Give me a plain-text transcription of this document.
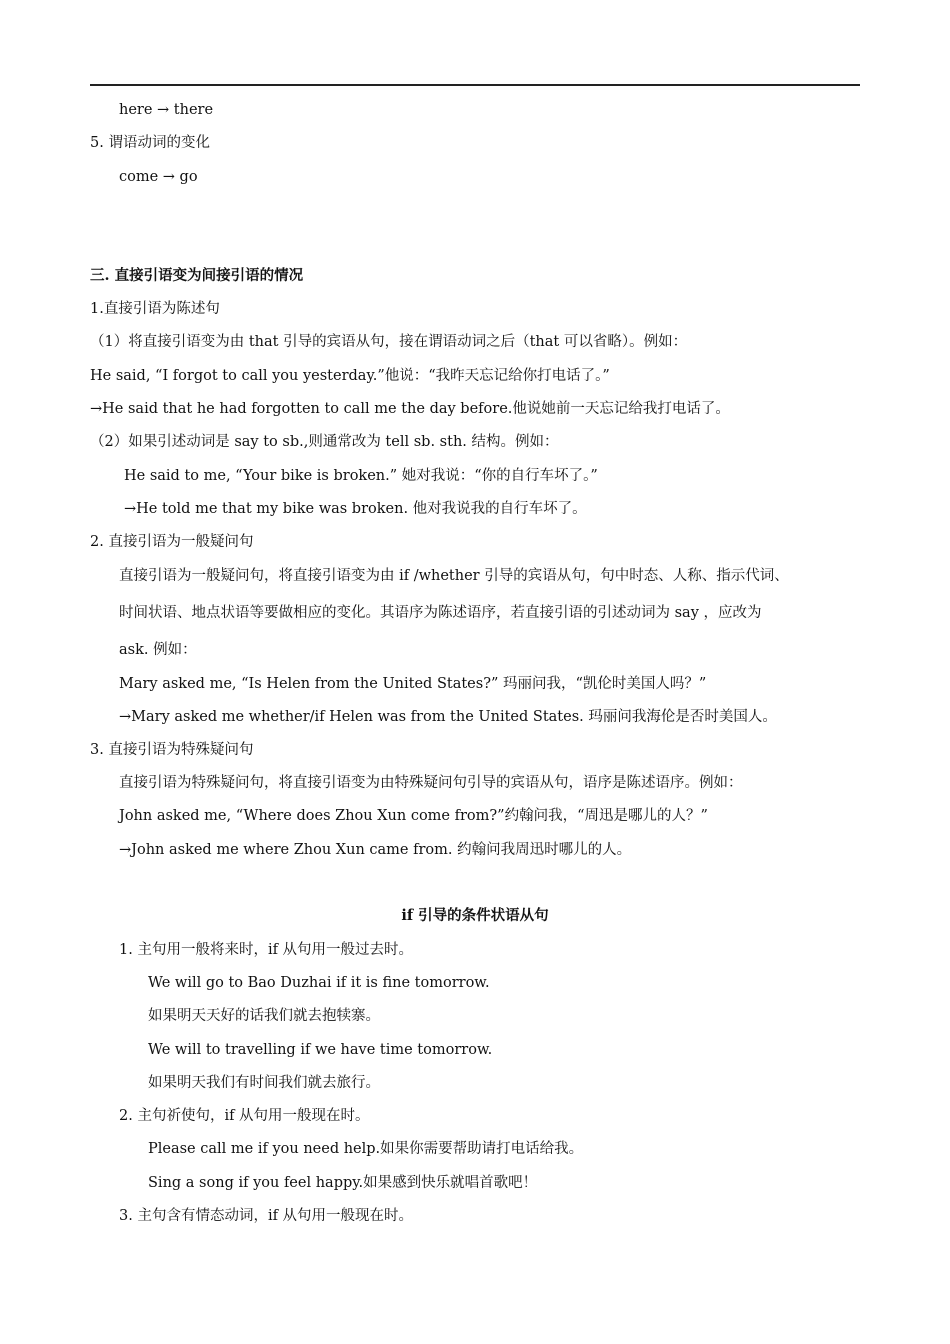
here → there
5. 谓语动词的变化
come → go
三. 直接引语变为间接引语的情况
1.直接引语为陈述句
（1）将直接引语变为由 that 引导的宾语从句，接在谓语动词之后（that 可以省略）。例如：
He said, “I forgot to call you yesterday.”他说：“我昨天忘记给你打电话了。”
→He said that he had forgotten to call me the day before.他说她前一天忘记给我打电话了。
（2）如果引述动词是 say to sb.,则通常改为 tell sb. sth. 结构。例如：
He said to me, “Your bike is broken.” 她对我说：“你的自行车坏了。”
→He told me that my bike was broken. 他对我说我的自行车坏了。
2. 直接引语为一般疑问句
直接引语为一般疑问句，将直接引语变为由 if /whether 引导的宾语从句，句中时态、人称、指示代词、
时间状语、地点状语等要做相应的变化。其语序为陈述语序，若直接引语的引述动词为 say ，应改为
ask. 例如：
Mary asked me, “Is Helen from the United States?” 玛丽问我，“凯伦时美国人吗？”
→Mary asked me whether/if Helen was from the United States. 玛丽问我海伦是否时美国人。
3. 直接引语为特殊疑问句
直接引语为特殊疑问句，将直接引语变为由特殊疑问句引导的宾语从句，语序是陈述语序。例如：
John asked me, “Where does Zhou Xun come from?”约翰问我，“周迅是哪儿的人？”
→John asked me where Zhou Xun came from. 约翰问我周迅时哪儿的人。
if 引导的条件状语从句
1. 主句用一般将来时，if 从句用一般过去时。
We will go to Bao Duzhai if it is fine tomorrow.
如果明天天好的话我们就去抱犊寨。
We will to travelling if we have time tomorrow.
如果明天我们有时间我们就去旅行。
2. 主句祈使句，if 从句用一般现在时。
Please call me if you need help.如果你需要帮助请打电话给我。
Sing a song if you feel happy.如果感到快乐就唱首歌吧！
3. 主句含有情态动词，if 从句用一般现在时。
